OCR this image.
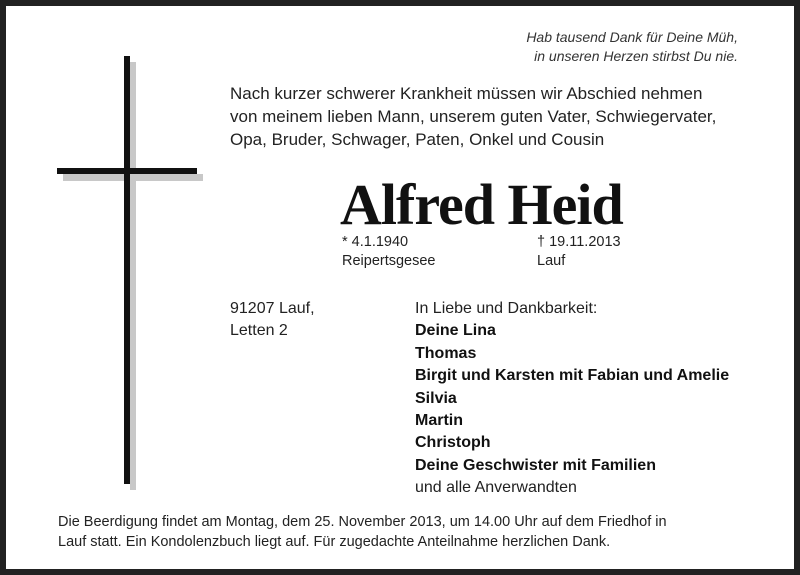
Hab tausend Dank für Deine Müh,
in unseren Herzen stirbst Du nie.
Nach kurzer schwerer Krankheit müssen wir Abschied nehmen
von meinem lieben Mann, unserem guten Vater, Schwiegervater,
Opa, Bruder, Schwager, Paten, Onkel und Cousin
Alfred Heid
* 4.1.1940
Reipertsgesee
† 19.11.2013
Lauf
91207 Lauf,
Letten 2
In Liebe und Dankbarkeit:
Deine Lina
Thomas
Birgit und Karsten mit Fabian und Amelie
Silvia
Martin
Christoph
Deine Geschwister mit Familien
und alle Anverwandten
Die Beerdigung findet am Montag, dem 25. November 2013, um 14.00 Uhr auf dem Friedhof in
Lauf statt. Ein Kondolenzbuch liegt auf. Für zugedachte Anteilnahme herzlichen Dank.
